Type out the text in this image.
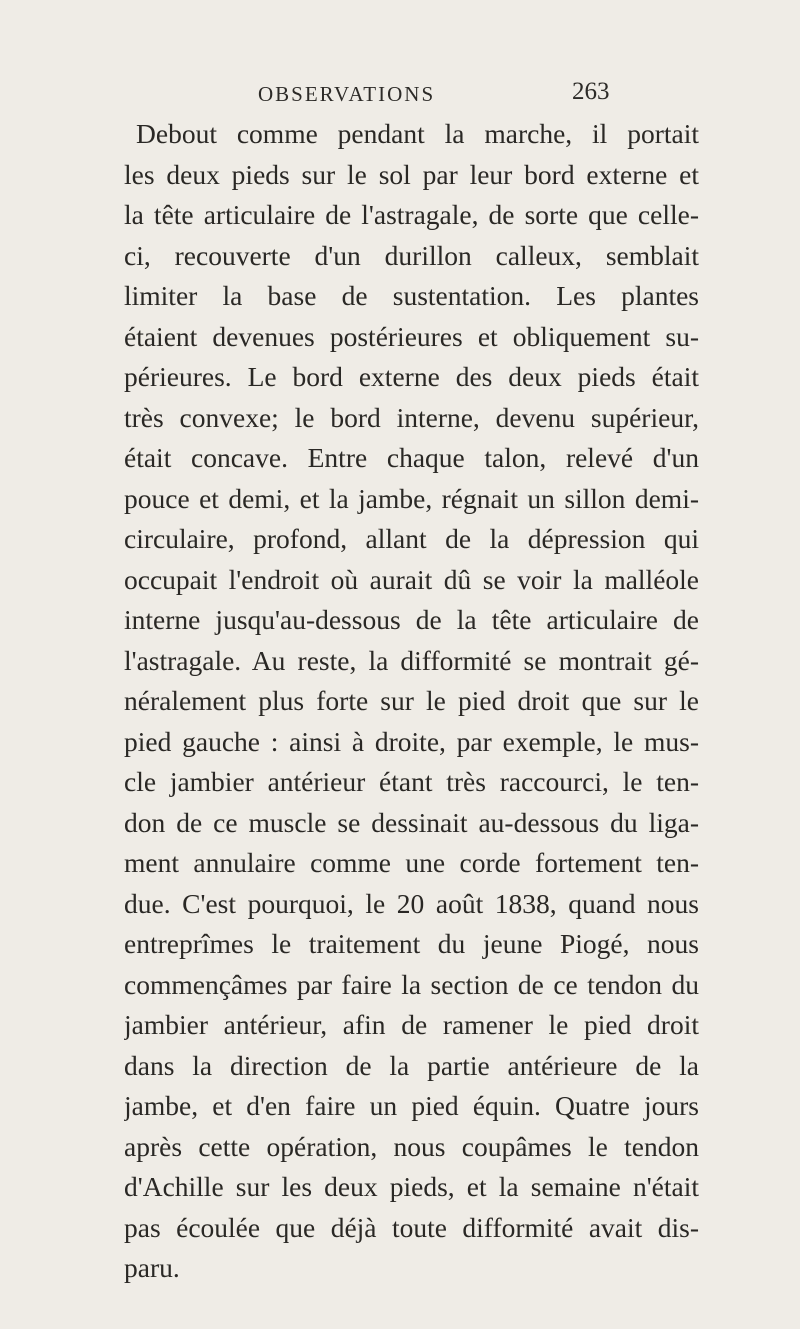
OBSERVATIONS	263
Debout comme pendant la marche, il portait
les deux pieds sur le sol par leur bord externe et
la tête articulaire de l'astragale, de sorte que celle-
ci, recouverte d'un durillon calleux, semblait
limiter la base de sustentation. Les plantes
étaient devenues postérieures et obliquement su-
périeures. Le bord externe des deux pieds était
très convexe; le bord interne, devenu supérieur,
était concave. Entre chaque talon, relevé d'un
pouce et demi, et la jambe, régnait un sillon demi-
circulaire, profond, allant de la dépression qui
occupait l'endroit où aurait dû se voir la malléole
interne jusqu'au-dessous de la tête articulaire de
l'astragale. Au reste, la difformité se montrait gé-
néralement plus forte sur le pied droit que sur le
pied gauche : ainsi à droite, par exemple, le mus-
cle jambier antérieur étant très raccourci, le ten-
don de ce muscle se dessinait au-dessous du liga-
ment annulaire comme une corde fortement ten-
due. C'est pourquoi, le 20 août 1838, quand nous
entreprîmes le traitement du jeune Piogé, nous
commençâmes par faire la section de ce tendon du
jambier antérieur, afin de ramener le pied droit
dans la direction de la partie antérieure de la
jambe, et d'en faire un pied équin. Quatre jours
après cette opération, nous coupâmes le tendon
d'Achille sur les deux pieds, et la semaine n'était
pas écoulée que déjà toute difformité avait dis-
paru.
